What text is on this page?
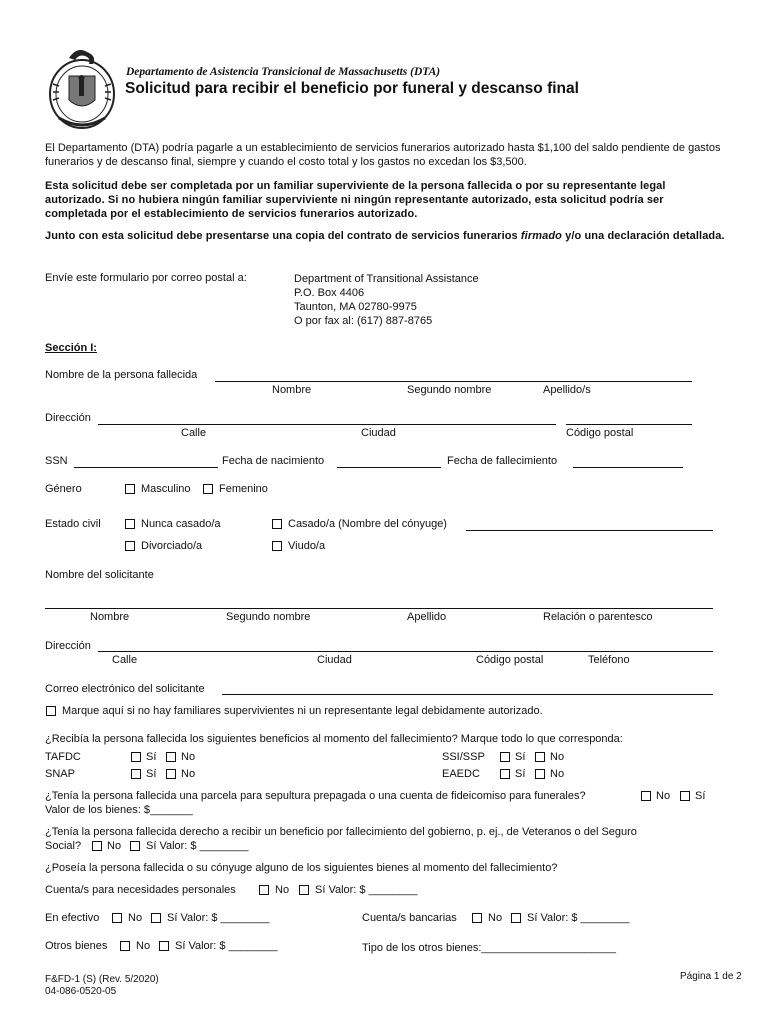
Departamento de Asistencia Transicional de Massachusetts (DTA)
Solicitud para recibir el beneficio por funeral y descanso final
El Departamento (DTA) podría pagarle a un establecimiento de servicios funerarios autorizado hasta $1,100 del saldo pendiente de gastos funerarios y de descanso final, siempre y cuando el costo total y los gastos no excedan los $3,500.
Esta solicitud debe ser completada por un familiar superviviente de la persona fallecida o por su representante legal autorizado. Si no hubiera ningún familiar superviviente ni ningún representante autorizado, esta solicitud podría ser completada por el establecimiento de servicios funerarios autorizado.
Junto con esta solicitud debe presentarse una copia del contrato de servicios funerarios firmado y/o una declaración detallada.
Envíe este formulario por correo postal a:	Department of Transitional Assistance
P.O. Box 4406
Taunton, MA 02780-9975
O por fax al: (617) 887-8765
Sección I:
Nombre de la persona fallecida
Nombre	Segundo nombre	Apellido/s
Dirección
Calle	Ciudad	Código postal
SSN	Fecha de nacimiento	Fecha de fallecimiento
Género	Masculino	Femenino
Estado civil	Nunca casado/a	Casado/a (Nombre del cónyuge)
Divorciado/a	Viudo/a
Nombre del solicitante
Nombre	Segundo nombre	Apellido	Relación o parentesco
Dirección
Calle	Ciudad	Código postal	Teléfono
Correo electrónico del solicitante
Marque aquí si no hay familiares supervivientes ni un representante legal debidamente autorizado.
¿Recibía la persona fallecida los siguientes beneficios al momento del fallecimiento? Marque todo lo que corresponda:
TAFDC	Sí No	SSI/SSP	Sí No
SNAP	Sí No	EAEDC	Sí No
¿Tenía la persona fallecida una parcela para sepultura prepagada o una cuenta de fideicomiso para funerales?	No Sí
Valor de los bienes: $_______
¿Tenía la persona fallecida derecho a recibir un beneficio por fallecimiento del gobierno, p. ej., de Veteranos o del Seguro
Social? No Sí Valor: $ ________
¿Poseía la persona fallecida o su cónyuge alguno de los siguientes bienes al momento del fallecimiento?
Cuenta/s para necesidades personales	No Sí Valor: $ ________
En efectivo	No Sí Valor: $ ________	Cuenta/s bancarias	No Sí Valor: $ ________
Otros bienes	No Sí Valor: $ ________	Tipo de los otros bienes:______________________
F&FD-1 (S) (Rev. 5/2020)
04-086-0520-05
Página 1 de 2
